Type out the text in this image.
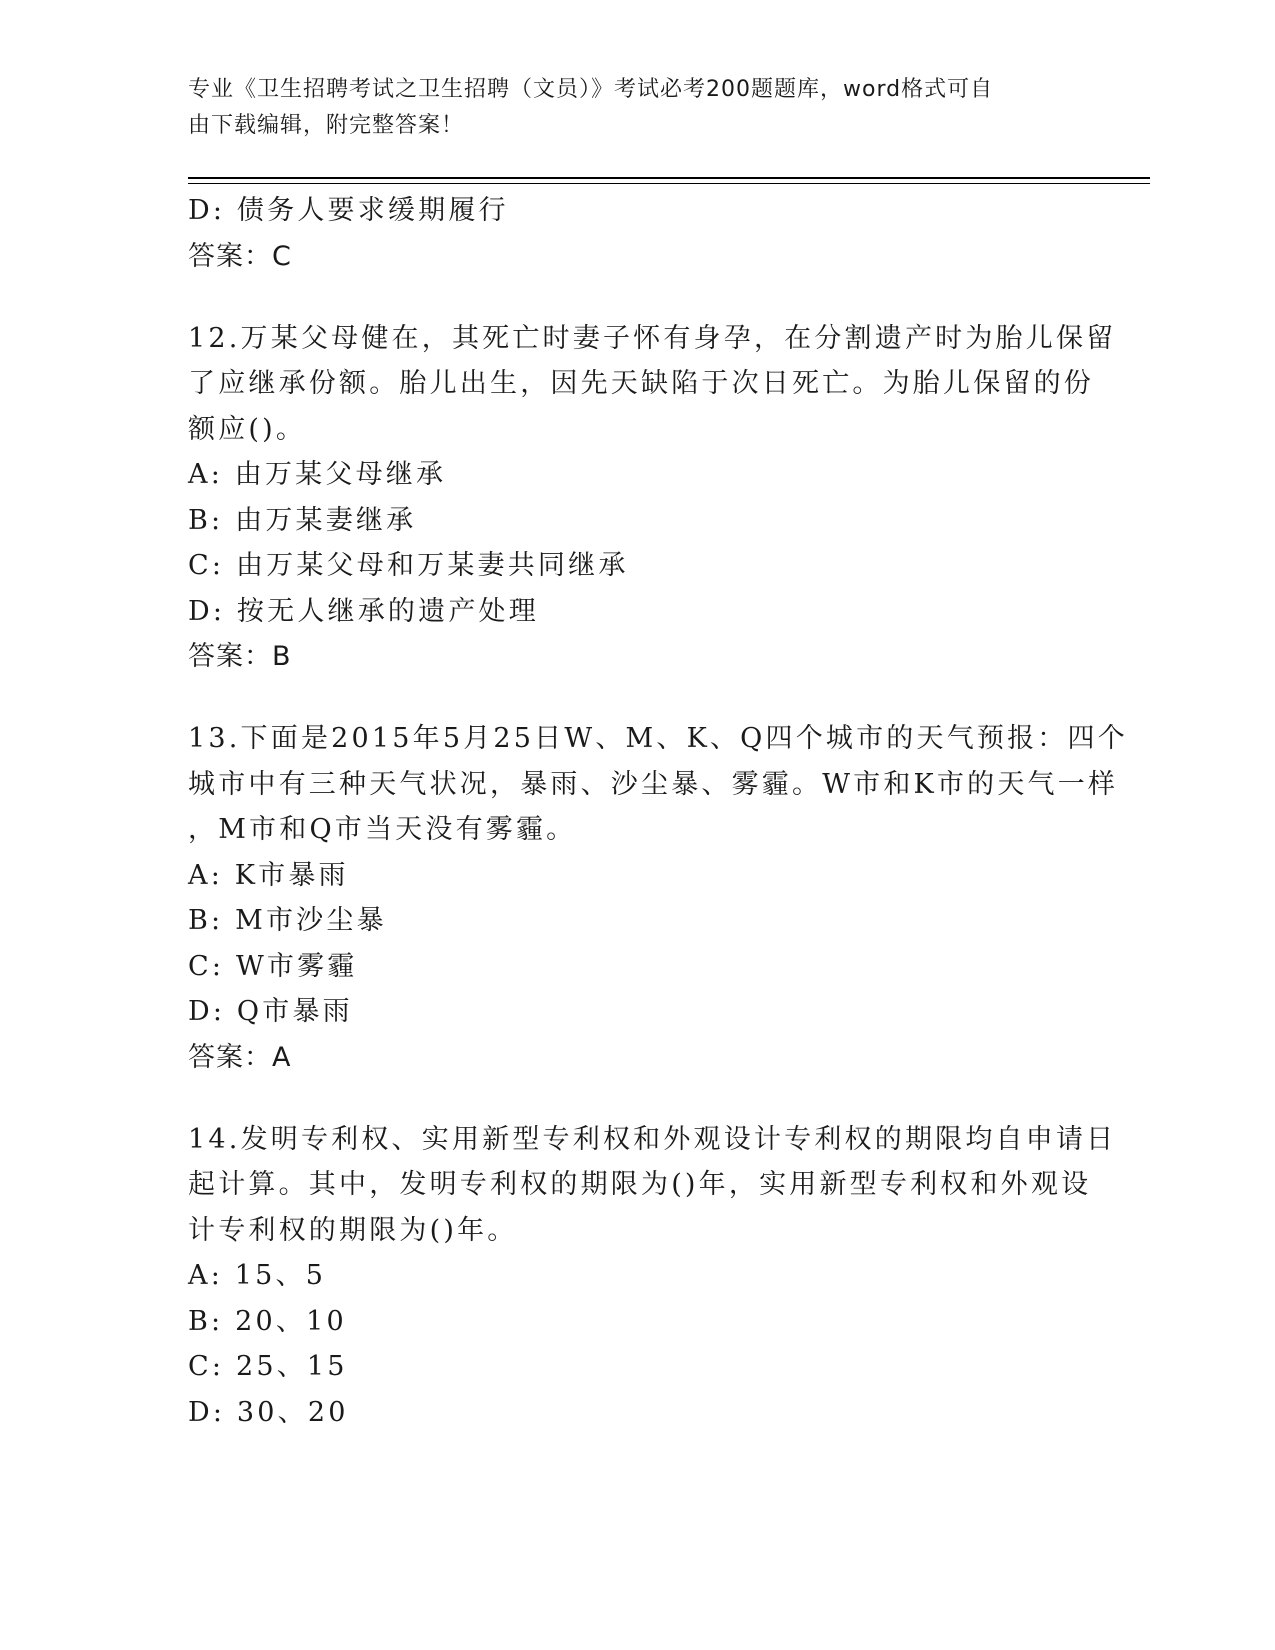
专业《卫生招聘考试之卫生招聘（文员）》考试必考200题题库，word格式可自
由下载编辑，附完整答案！
D: 债务人要求缓期履行
答案：C
12.万某父母健在，其死亡时妻子怀有身孕，在分割遗产时为胎儿保留
了应继承份额。胎儿出生，因先天缺陷于次日死亡。为胎儿保留的份
额应()。
A: 由万某父母继承
B: 由万某妻继承
C: 由万某父母和万某妻共同继承
D: 按无人继承的遗产处理
答案：B
13.下面是2015年5月25日W、M、K、Q四个城市的天气预报：四个
城市中有三种天气状况，暴雨、沙尘暴、雾霾。W市和K市的天气一样
，M市和Q市当天没有雾霾。
A: K市暴雨
B: M市沙尘暴
C: W市雾霾
D: Q市暴雨
答案：A
14.发明专利权、实用新型专利权和外观设计专利权的期限均自申请日
起计算。其中，发明专利权的期限为()年，实用新型专利权和外观设
计专利权的期限为()年。
A: 15、5
B: 20、10
C: 25、15
D: 30、20
